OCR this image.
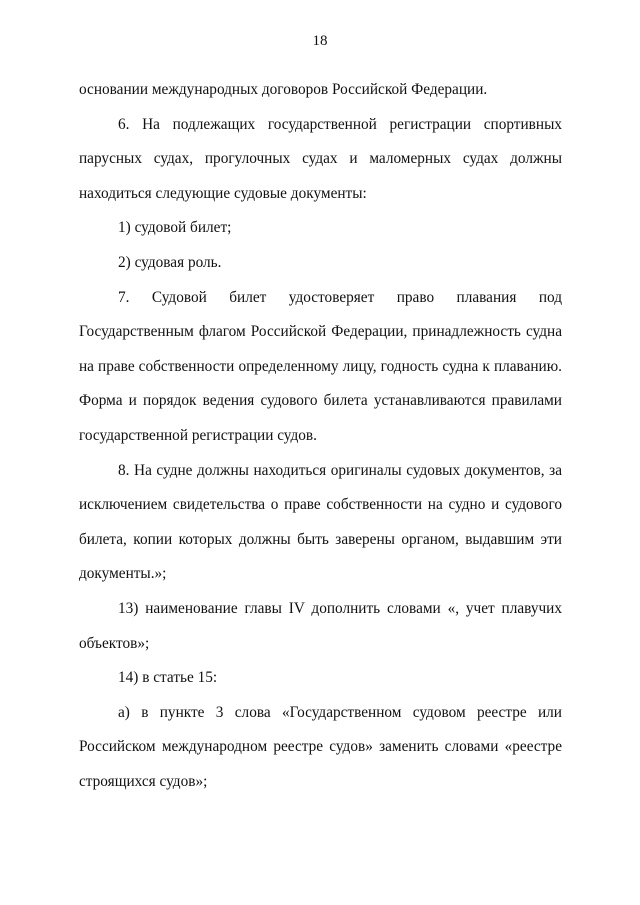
18

основании международных договоров Российской Федерации.

6. На подлежащих государственной регистрации спортивных парусных судах, прогулочных судах и маломерных судах должны находиться следующие судовые документы:

1) судовой билет;

2) судовая роль.

7. Судовой билет удостоверяет право плавания под Государственным флагом Российской Федерации, принадлежность судна на праве собственности определенному лицу, годность судна к плаванию. Форма и порядок ведения судового билета устанавливаются правилами государственной регистрации судов.

8. На судне должны находиться оригиналы судовых документов, за исключением свидетельства о праве собственности на судно и судового билета, копии которых должны быть заверены органом, выдавшим эти документы.»;

13) наименование главы IV дополнить словами «, учет плавучих объектов»;

14) в статье 15:

а) в пункте 3 слова «Государственном судовом реестре или Российском международном реестре судов» заменить словами «реестре строящихся судов»;
